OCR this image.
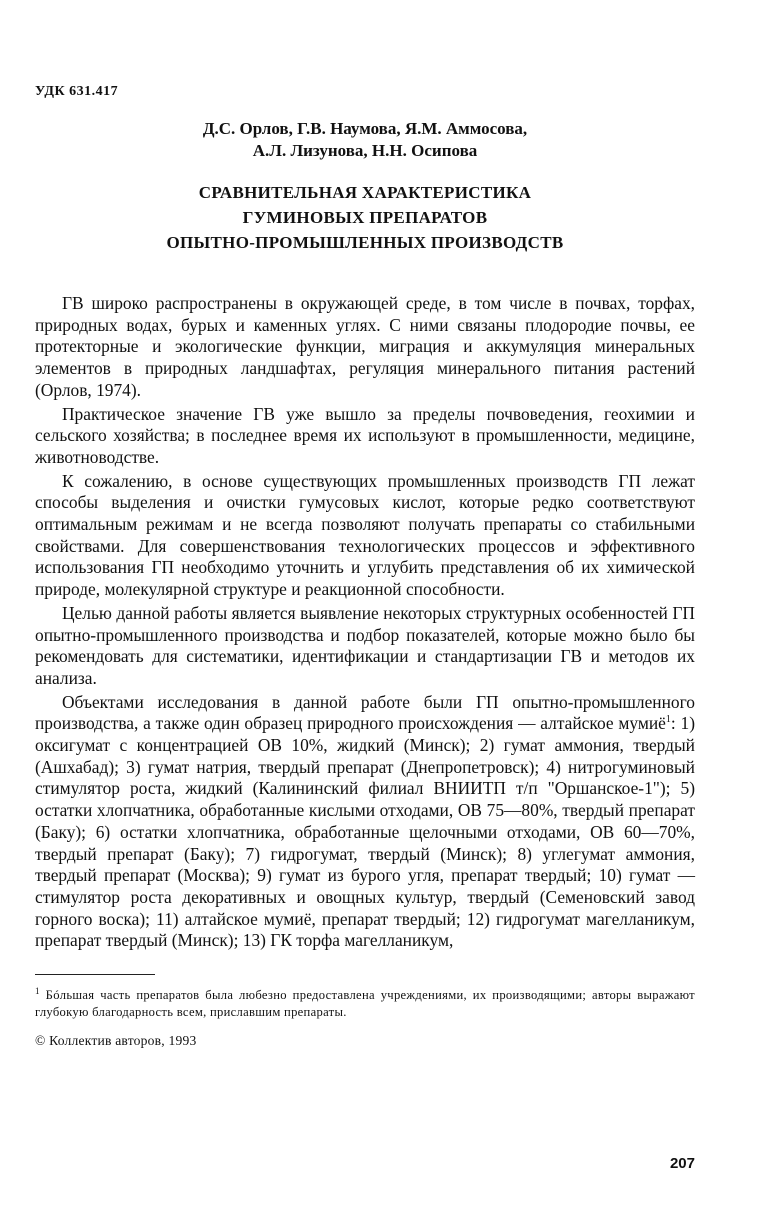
УДК 631.417
Д.С. Орлов, Г.В. Наумова, Я.М. Аммосова,
А.Л. Лизунова, Н.Н. Осипова
СРАВНИТЕЛЬНАЯ ХАРАКТЕРИСТИКА
ГУМИНОВЫХ ПРЕПАРАТОВ
ОПЫТНО-ПРОМЫШЛЕННЫХ ПРОИЗВОДСТВ

ГВ широко распространены в окружающей среде, в том числе в почвах, торфах, природных водах, бурых и каменных углях. С ними связаны плодородие почвы, ее протекторные и экологические функции, миграция и аккумуляция минеральных элементов в природных ландшафтах, регуляция минерального питания растений (Орлов, 1974).

Практическое значение ГВ уже вышло за пределы почвоведения, геохимии и сельского хозяйства; в последнее время их используют в промышленности, медицине, животноводстве.

К сожалению, в основе существующих промышленных производств ГП лежат способы выделения и очистки гумусовых кислот, которые редко соответствуют оптимальным режимам и не всегда позволяют получать препараты со стабильными свойствами. Для совершенствования технологических процессов и эффективного использования ГП необходимо уточнить и углубить представления об их химической природе, молекулярной структуре и реакционной способности.

Целью данной работы является выявление некоторых структурных особенностей ГП опытно-промышленного производства и подбор показателей, которые можно было бы рекомендовать для систематики, идентификации и стандартизации ГВ и методов их анализа.

Объектами исследования в данной работе были ГП опытно-промышленного производства, а также один образец природного происхождения — алтайское мумиё$^1$: 1) оксигумат с концентрацией ОВ 10%, жидкий (Минск); 2) гумат аммония, твердый (Ашхабад); 3) гумат натрия, твердый препарат (Днепропетровск); 4) нитрогуминовый стимулятор роста, жидкий (Калининский филиал ВНИИТП т/п "Оршанское-1"); 5) остатки хлопчатника, обработанные кислыми отходами, ОВ 75—80%, твердый препарат (Баку); 6) остатки хлопчатника, обработанные щелочными отходами, ОВ 60—70%, твердый препарат (Баку); 7) гидрогумат, твердый (Минск); 8) углегумат аммония, твердый препарат (Москва); 9) гумат из бурого угля, препарат твердый; 10) гумат — стимулятор роста декоративных и овощных культур, твердый (Семеновский завод горного воска); 11) алтайское мумиё, препарат твердый; 12) гидрогумат магелланикум, препарат твердый (Минск); 13) ГК торфа магелланикум,

$^1$ Бóльшая часть препаратов была любезно предоставлена учреждениями, их производящими; авторы выражают глубокую благодарность всем, приславшим препараты.
© Коллектив авторов, 1993
207
